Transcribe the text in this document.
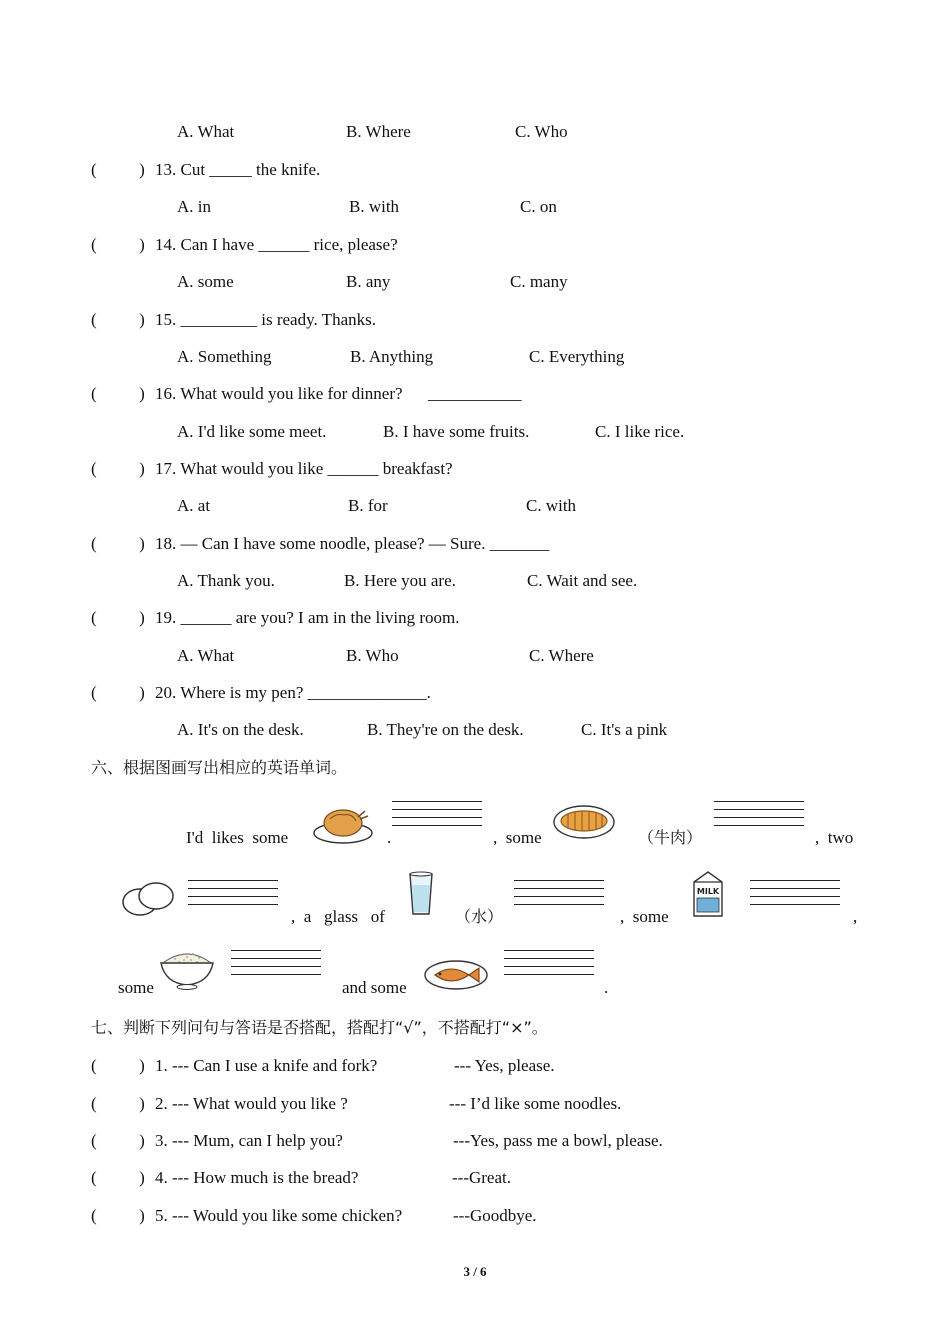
A. What	B. Where	C. Who
(          ) 13. Cut _____ the knife.
A. in	B. with	C. on
(          ) 14. Can I have ______ rice, please?
A. some	B. any	C. many
(          ) 15. _________ is ready. Thanks.
A. Something	B. Anything	C. Everything
(          ) 16. What would you like for dinner?      ___________
A. I'd like some meet.	B. I have some fruits.	C. I like rice.
(          ) 17. What would you like ______ breakfast?
A. at	B. for	C. with
(          ) 18. — Can I have some noodle, please? — Sure. _______
A. Thank you.	B. Here you are.	C. Wait and see.
(          ) 19. ______ are you? I am in the living room.
A. What	B. Who	C. Where
(          ) 20. Where is my pen? ______________.
A. It's on the desk.	B. They're on the desk.	C. It's a pink
六、根据图画写出相应的英语单词。
I'd  likes  some	.	,  some	（牛肉）	,  two
,  a   glass   of	（水）	,  some
MILK
,
some	and some	.
七、判断下列问句与答语是否搭配，搭配打“√”，不搭配打“×”。
(          ) 1. --- Can I use a knife and fork?	--- Yes, please.
(          ) 2. --- What would you like ?	--- I’d like some noodles.
(          ) 3. --- Mum, can I help you?	---Yes, pass me a bowl, please.
(          ) 4. --- How much is the bread?	---Great.
(          ) 5. --- Would you like some chicken?	---Goodbye.
3 / 6
